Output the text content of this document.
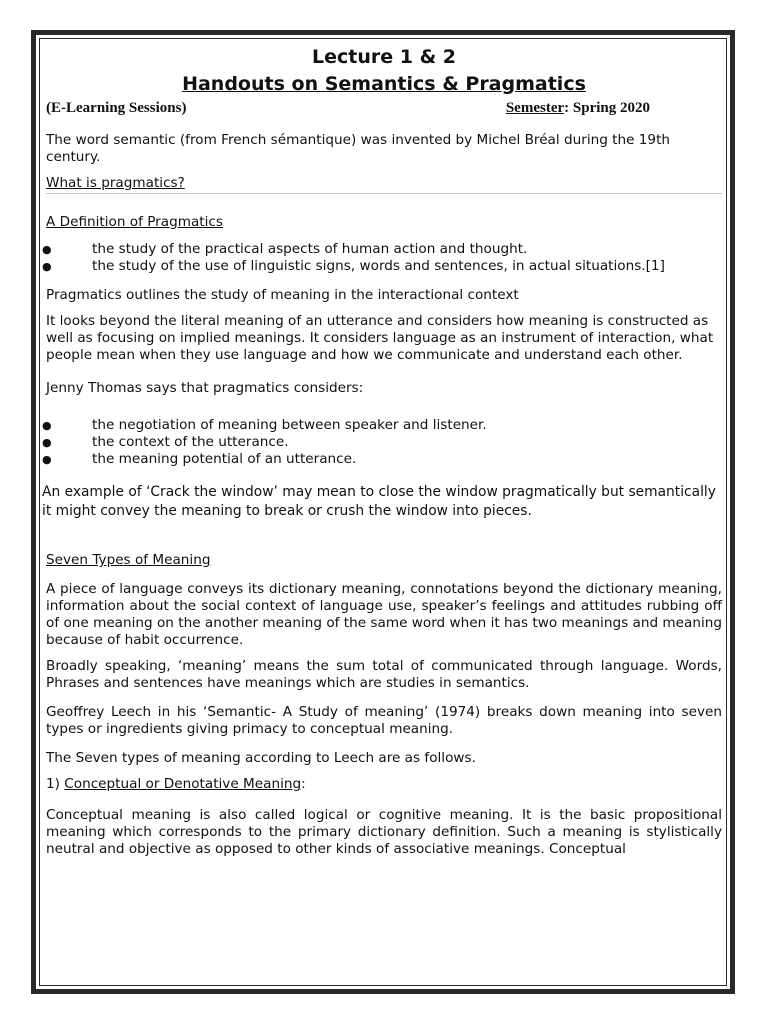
Lecture 1 & 2
Handouts on Semantics & Pragmatics
(E-Learning Sessions)	Semester: Spring 2020

The word semantic (from French sémantique) was invented by Michel Bréal during the 19th century.

What is pragmatics?

A Definition of Pragmatics

●	the study of the practical aspects of human action and thought.
●	the study of the use of linguistic signs, words and sentences, in actual situations.[1]

Pragmatics outlines the study of meaning in the interactional context

It looks beyond the literal meaning of an utterance and considers how meaning is constructed as well as focusing on implied meanings. It considers language as an instrument of interaction, what people mean when they use language and how we communicate and understand each other.

Jenny Thomas says that pragmatics considers:

●	the negotiation of meaning between speaker and listener.
●	the context of the utterance.
●	the meaning potential of an utterance.

An example of ‘Crack the window’ may mean to close the window pragmatically but semantically it might convey the meaning to break or crush the window into pieces.

Seven Types of Meaning

A piece of language conveys its dictionary meaning, connotations beyond the dictionary meaning, information about the social context of language use, speaker’s feelings and attitudes rubbing off of one meaning on the another meaning of the same word when it has two meanings and meaning because of habit occurrence.

Broadly speaking, ‘meaning’ means the sum total of communicated through language. Words, Phrases and sentences have meanings which are studies in semantics.

Geoffrey Leech in his ‘Semantic- A Study of meaning’ (1974) breaks down meaning into seven types or ingredients giving primacy to conceptual meaning.

The Seven types of meaning according to Leech are as follows.

1) Conceptual or Denotative Meaning:

Conceptual meaning is also called logical or cognitive meaning. It is the basic propositional meaning which corresponds to the primary dictionary definition. Such a meaning is stylistically neutral and objective as opposed to other kinds of associative meanings. Conceptual
